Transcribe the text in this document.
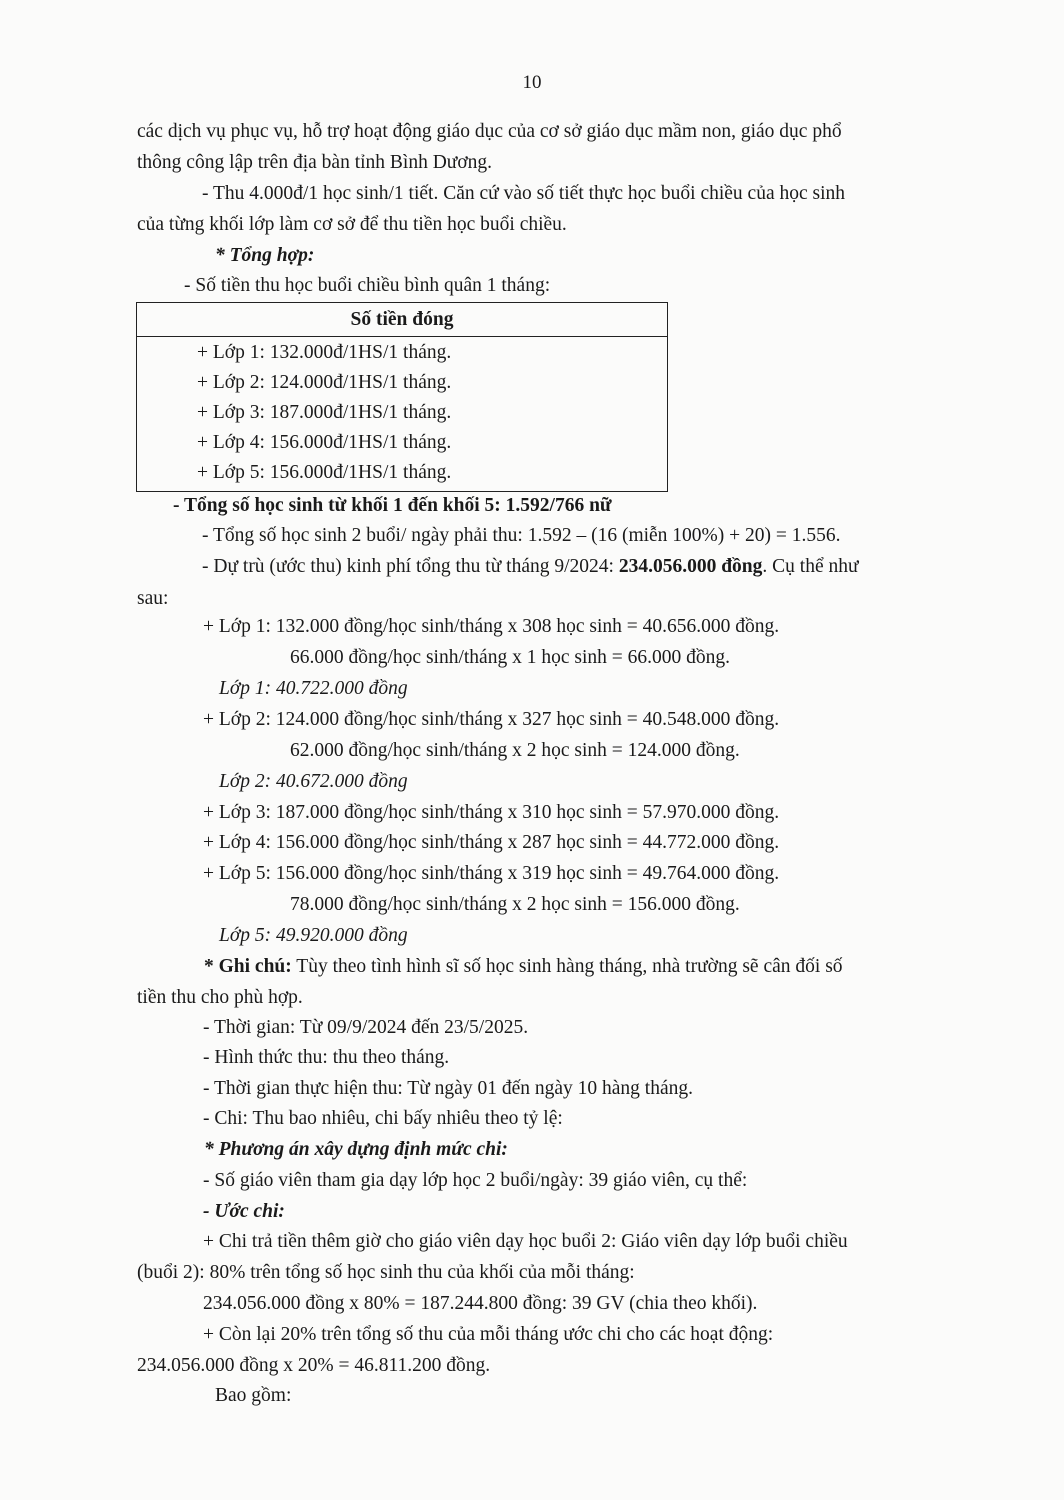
10
các dịch vụ phục vụ, hỗ trợ hoạt động giáo dục của cơ sở giáo dục mầm non, giáo dục phổ
thông công lập trên địa bàn tỉnh Bình Dương.
- Thu 4.000đ/1 học sinh/1 tiết. Căn cứ vào số tiết thực học buổi chiều của học sinh
của từng khối lớp làm cơ sở để thu tiền học buổi chiều.
* Tổng hợp:
- Số tiền thu học buổi chiều bình quân 1 tháng:
Số tiền đóng
+ Lớp 1: 132.000đ/1HS/1 tháng.
+ Lớp 2: 124.000đ/1HS/1 tháng.
+ Lớp 3: 187.000đ/1HS/1 tháng.
+ Lớp 4: 156.000đ/1HS/1 tháng.
+ Lớp 5: 156.000đ/1HS/1 tháng.
- Tổng số học sinh từ khối 1 đến khối 5: 1.592/766 nữ
- Tổng số học sinh 2 buổi/ ngày phải thu: 1.592 – (16 (miễn 100%) + 20) = 1.556.
- Dự trù (ước thu) kinh phí tổng thu từ tháng 9/2024: 234.056.000 đồng. Cụ thể như
sau:
+ Lớp 1: 132.000 đồng/học sinh/tháng x 308 học sinh = 40.656.000 đồng.
66.000 đồng/học sinh/tháng x 1 học sinh = 66.000 đồng.
Lớp 1: 40.722.000 đồng
+ Lớp 2: 124.000 đồng/học sinh/tháng x 327 học sinh = 40.548.000 đồng.
62.000 đồng/học sinh/tháng x 2 học sinh = 124.000 đồng.
Lớp 2: 40.672.000 đồng
+ Lớp 3: 187.000 đồng/học sinh/tháng x 310 học sinh = 57.970.000 đồng.
+ Lớp 4: 156.000 đồng/học sinh/tháng x 287 học sinh = 44.772.000 đồng.
+ Lớp 5: 156.000 đồng/học sinh/tháng x 319 học sinh = 49.764.000 đồng.
78.000 đồng/học sinh/tháng x 2 học sinh = 156.000 đồng.
Lớp 5: 49.920.000 đồng
* Ghi chú: Tùy theo tình hình sĩ số học sinh hàng tháng, nhà trường sẽ cân đối số
tiền thu cho phù hợp.
- Thời gian: Từ 09/9/2024 đến 23/5/2025.
- Hình thức thu: thu theo tháng.
- Thời gian thực hiện thu: Từ ngày 01 đến ngày 10 hàng tháng.
- Chi: Thu bao nhiêu, chi bấy nhiêu theo tỷ lệ:
* Phương án xây dựng định mức chi:
- Số giáo viên tham gia dạy lớp học 2 buổi/ngày: 39 giáo viên, cụ thể:
- Ước chi:
+ Chi trả tiền thêm giờ cho giáo viên dạy học buổi 2: Giáo viên dạy lớp buổi chiều
(buổi 2): 80% trên tổng số học sinh thu của khối của mỗi tháng:
234.056.000 đồng x 80% = 187.244.800 đồng: 39 GV (chia theo khối).
+ Còn lại 20% trên tổng số thu của mỗi tháng ước chi cho các hoạt động:
234.056.000 đồng x 20% = 46.811.200 đồng.
Bao gồm:
